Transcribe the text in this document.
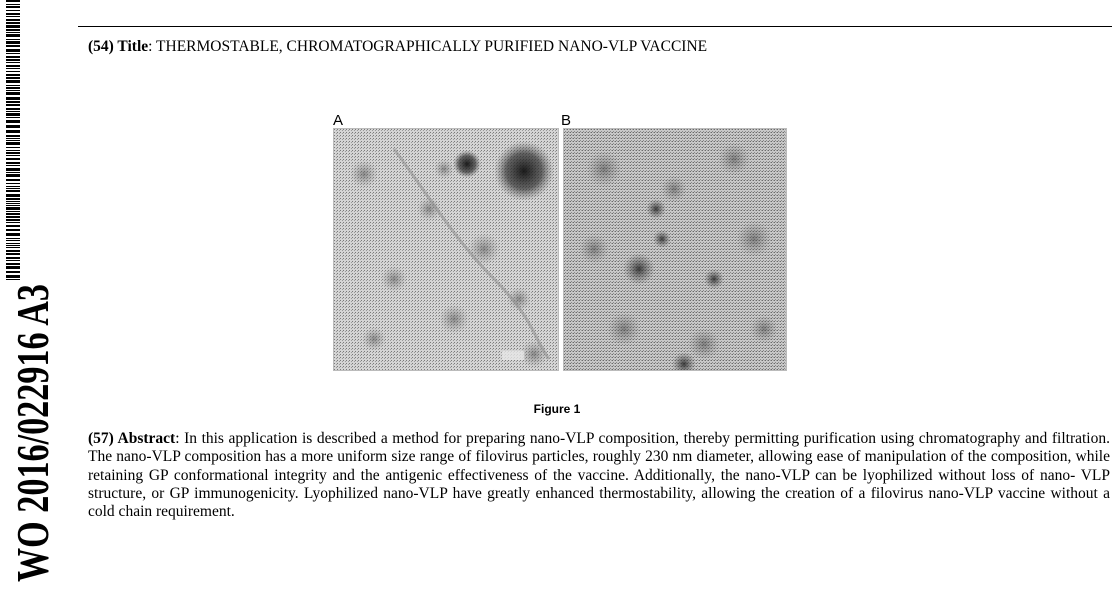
WO 2016/022916 A3
(54) Title: THERMOSTABLE, CHROMATOGRAPHICALLY PURIFIED NANO-VLP VACCINE
A	B
Figure 1
(57) Abstract: In this application is described a method for preparing nano-VLP composition, thereby permitting purification using chromatography and filtration. The nano-VLP composition has a more uniform size range of filovirus particles, roughly 230 nm diameter, allowing ease of manipulation of the composition, while retaining GP conformational integrity and the antigenic effectiveness of the vaccine. Additionally, the nano-VLP can be lyophilized without loss of nano- VLP structure, or GP immunogenicity. Lyophilized nano-VLP have greatly enhanced thermostability, allowing the creation of a filovirus nano-VLP vaccine without a cold chain requirement.
